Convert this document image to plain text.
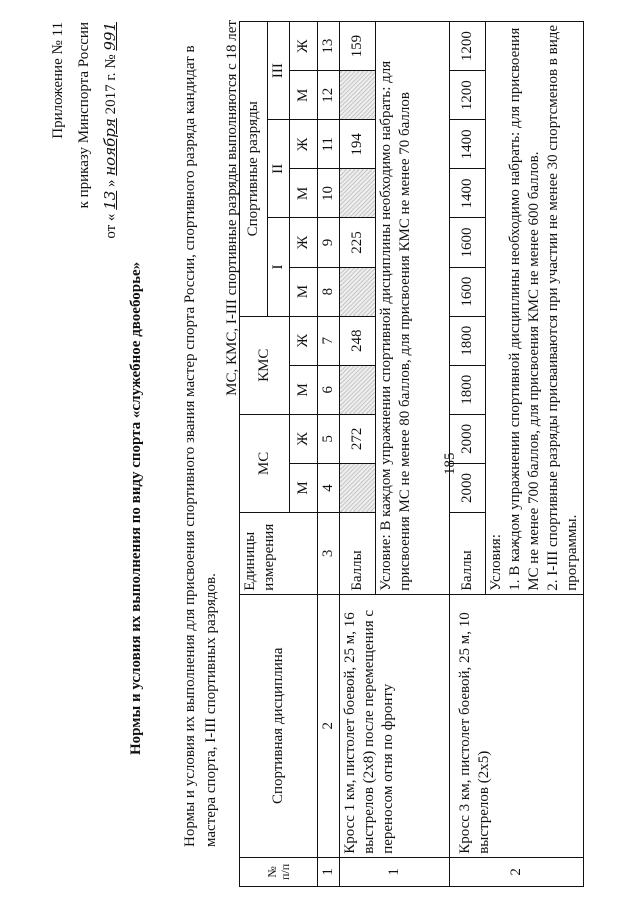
185
Приложение № 11 к приказу Минспорта России
от « 13 » ноября 2017 г. № 991
Нормы и условия их выполнения по виду спорта «служебное двоеборье»	Нормы и условия их выполнения для присвоения спортивного звания мастер спорта России, спортивного разряда кандидат в мастера спорта, I-III спортивных разрядов.
МС, КМС, I-III спортивные разряды выполняются с 18 лет
№ п/п	Спортивная дисциплина	Единицы измерения	МС		КМС		Спортивные разряды					
							I		II		III	
			М	Ж	М	Ж	М	Ж	М	Ж	М	Ж
1	2	3	4	5	6	7	8	9	10	11	12	13
1	Кросс 1 км, пистолет боевой, 25 м, 16 выстрелов (2x8) после перемещения с переносом огня по фронту	Баллы		272		248		225		194		159
		Условие: В каждом упражнении спортивной дисциплины необходимо набрать: для присвоения МС не менее 80 баллов, для присвоения КМС не менее 70 баллов										
2	Кросс 3 км, пистолет боевой, 25 м, 10 выстрелов (2x5)	Баллы	2000	2000	1800	1800	1600	1600	1400	1400	1200	1200

		Условия: 1. В каждом упражнении спортивной дисциплины необходимо набрать: для присвоения МС не менее 700 баллов, для присвоения КМС не менее 600 баллов. 2. I-III спортивные разряды присваиваются при участии не менее 30 спортсменов в виде программы.										
